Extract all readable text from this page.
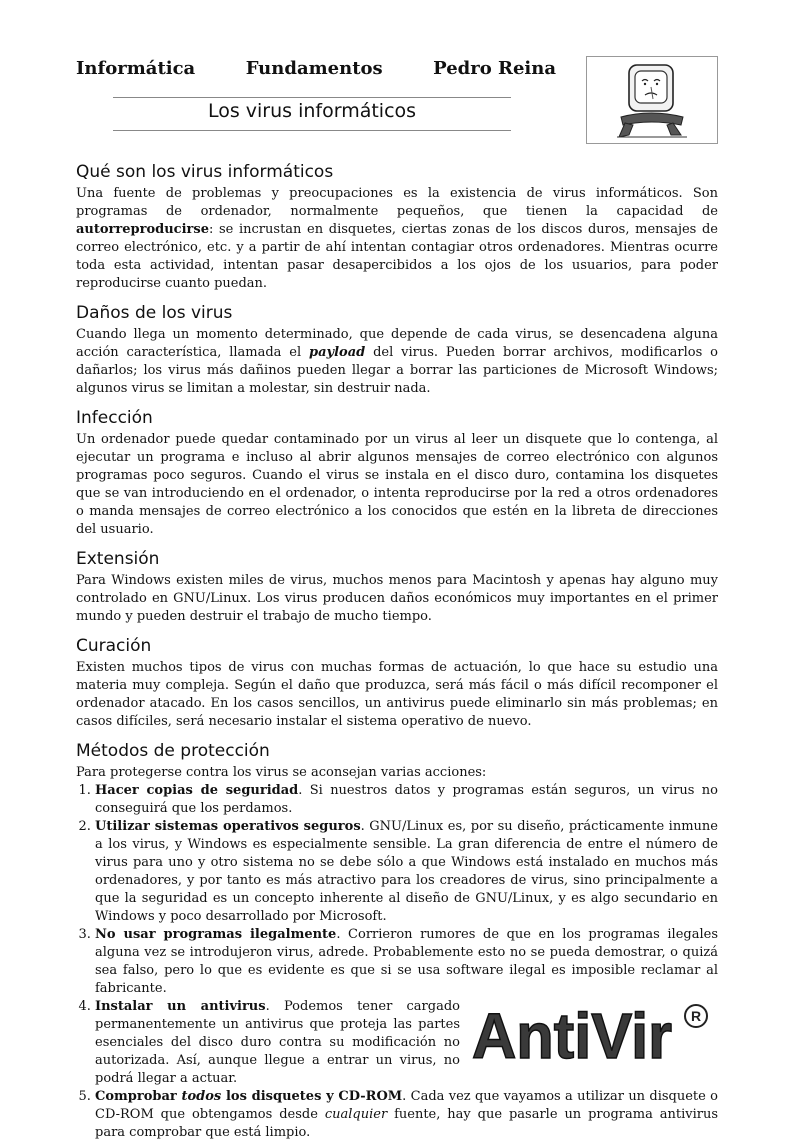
Informática	Fundamentos	Pedro Reina
Los virus informáticos
Qué son los virus informáticos

Una fuente de problemas y preocupaciones es la existencia de virus informáticos. Son programas de ordenador, normalmente pequeños, que tienen la capacidad de autorreproducirse: se incrustan en disquetes, ciertas zonas de los discos duros, mensajes de correo electrónico, etc. y a partir de ahí intentan contagiar otros ordenadores. Mientras ocurre toda esta actividad, intentan pasar desapercibidos a los ojos de los usuarios, para poder reproducirse cuanto puedan.

Daños de los virus

Cuando llega un momento determinado, que depende de cada virus, se desencadena alguna acción característica, llamada el payload del virus. Pueden borrar archivos, modificarlos o dañarlos; los virus más dañinos pueden llegar a borrar las particiones de Microsoft Windows; algunos virus se limitan a molestar, sin destruir nada.

Infección

Un ordenador puede quedar contaminado por un virus al leer un disquete que lo contenga, al ejecutar un programa e incluso al abrir algunos mensajes de correo electrónico con algunos programas poco seguros. Cuando el virus se instala en el disco duro, contamina los disquetes que se van introduciendo en el ordenador, o intenta reproducirse por la red a otros ordenadores o manda mensajes de correo electrónico a los conocidos que estén en la libreta de direcciones del usuario.

Extensión

Para Windows existen miles de virus, muchos menos para Macintosh y apenas hay alguno muy controlado en GNU/Linux. Los virus producen daños económicos muy importantes en el primer mundo y pueden destruir el trabajo de mucho tiempo.

Curación

Existen muchos tipos de virus con muchas formas de actuación, lo que hace su estudio una materia muy compleja. Según el daño que produzca, será más fácil o más difícil recomponer el ordenador atacado. En los casos sencillos, un antivirus puede eliminarlo sin más problemas; en casos difíciles, será necesario instalar el sistema operativo de nuevo.

Métodos de protección

Para protegerse contra los virus se aconsejan varias acciones:

1. Hacer copias de seguridad. Si nuestros datos y programas están seguros, un virus no conseguirá que los perdamos.
2. Utilizar sistemas operativos seguros. GNU/Linux es, por su diseño, prácticamente inmune a los virus, y Windows es especialmente sensible. La gran diferencia de entre el número de virus para uno y otro sistema no se debe sólo a que Windows está instalado en muchos más ordenadores, y por tanto es más atractivo para los creadores de virus, sino principalmente a que la seguridad es un concepto inherente al diseño de GNU/Linux, y es algo secundario en Windows y poco desarrollado por Microsoft.
3. No usar programas ilegalmente. Corrieron rumores de que en los programas ilegales alguna vez se introdujeron virus, adrede. Probablemente esto no se pueda demostrar, o quizá sea falso, pero lo que es evidente es que si se usa software ilegal es imposible reclamar al fabricante.
4. AntiVir R
Instalar un antivirus. Podemos tener cargado permanentemente un antivirus que proteja las partes esenciales del disco duro contra su modificación no autorizada. Así, aunque llegue a entrar un virus, no podrá llegar a actuar.
5. Comprobar todos los disquetes y CD-ROM. Cada vez que vayamos a utilizar un disquete o CD-ROM que obtengamos desde cualquier fuente, hay que pasarle un programa antivirus para comprobar que está limpio.
